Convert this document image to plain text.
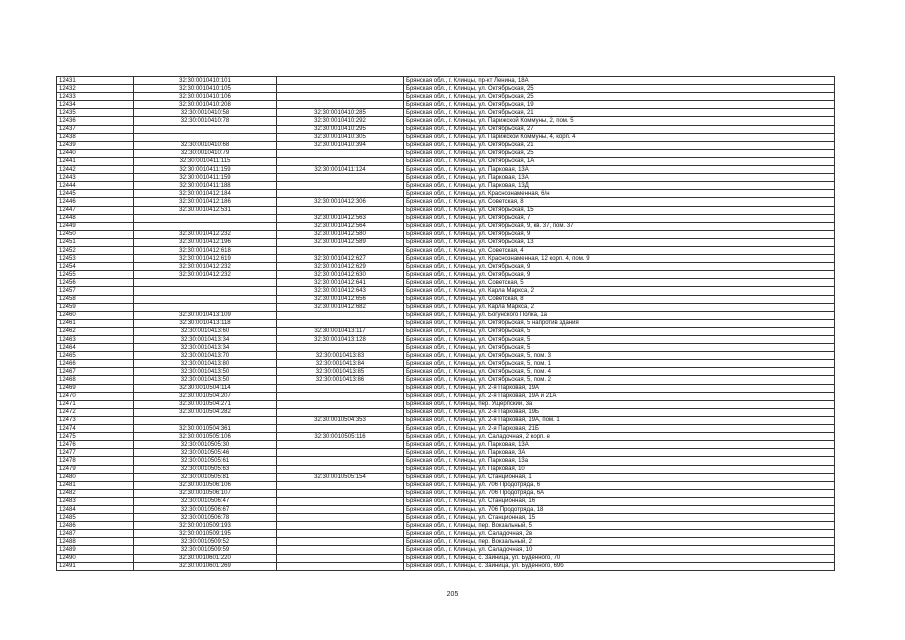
12431	32:30:0010410:101		Брянская обл., г. Клинцы, пр-кт Ленина, 18А
12432	32:30:0010410:105		Брянская обл., г. Клинцы, ул. Октябрьская, 25
12433	32:30:0010410:106		Брянская обл., г. Клинцы, ул. Октябрьская, 25
12434	32:30:0010410:208		Брянская обл., г. Клинцы, ул. Октябрьская, 19
12435	32:30:0010410:58	32:30:0010410:285	Брянская обл., г. Клинцы, ул. Октябрьская, 21
12436	32:30:0010410:78	32:30:0010410:292	Брянская обл., г. Клинцы, ул. Парижской Коммуны, 2, пом. 5
12437		32:30:0010410:295	Брянская обл., г. Клинцы, ул. Октябрьская, 27
12438		32:30:0010410:305	Брянская обл., г. Клинцы, ул. Парижской Коммуны, 4, корп. 4
12439	32:30:0010410:68	32:30:0010410:394	Брянская обл., г. Клинцы, ул. Октябрьская, 21
12440	32:30:0010410:79		Брянская обл., г. Клинцы, ул. Октябрьская, 25
12441	32:30:0010411:115		Брянская обл., г. Клинцы, ул. Октябрьская, 1А
12442	32:30:0010411:159	32:30:0010411:124	Брянская обл., г. Клинцы, ул. Парковая, 13А
12443	32:30:0010411:159		Брянская обл., г. Клинцы, ул. Парковая, 13А
12444	32:30:0010411:188		Брянская обл., г. Клинцы, ул. Парковая, 13Д
12445	32:30:0010412:184		Брянская обл., г. Клинцы, ул. Краснознаменная, 6/н
12446	32:30:0010412:186	32:30:0010412:306	Брянская обл., г. Клинцы, ул. Советская, 8
12447	32:30:0010412:531		Брянская обл., г. Клинцы, ул. Октябрьская, 15
12448		32:30:0010412:563	Брянская обл., г. Клинцы, ул. Октябрьская, 7
12449		32:30:0010412:564	Брянская обл., г. Клинцы, ул. Октябрьская, 9, кв. 37, пом. 37
12450	32:30:0010412:232	32:30:0010412:580	Брянская обл., г. Клинцы, ул. Октябрьская, 9
12451	32:30:0010412:196	32:30:0010412:589	Брянская обл., г. Клинцы, ул. Октябрьская, 13
12452	32:30:0010412:618		Брянская обл., г. Клинцы, ул. Советская, 4
12453	32:30:0010412:619	32:30:0010412:627	Брянская обл., г. Клинцы, ул. Краснознаменная, 12 корп. 4, пом. 9
12454	32:30:0010412:232	32:30:0010412:629	Брянская обл., г. Клинцы, ул. Октябрьская, 9
12455	32:30:0010412:232	32:30:0010412:630	Брянская обл., г. Клинцы, ул. Октябрьская, 9
12456		32:30:0010412:641	Брянская обл., г. Клинцы, ул. Советская, 5
12457		32:30:0010412:643	Брянская обл., г. Клинцы, ул. Карла Маркса, 2
12458		32:30:0010412:656	Брянская обл., г. Клинцы, ул. Советская, 8
12459		32:30:0010412:682	Брянская обл., г. Клинцы, ул. Карла Маркса, 2
12460	32:30:0010413:109		Брянская обл., г. Клинцы, ул. Богунского Полка, 1а
12461	32:30:0010413:118		Брянская обл., г. Клинцы, ул. Октябрьская, 5 напротив здания
12462	32:30:0010413:60	32:30:0010413:117	Брянская обл., г. Клинцы, ул. Октябрьская, 5
12463	32:30:0010413:34	32:30:0010413:128	Брянская обл., г. Клинцы, ул. Октябрьская, 5
12464	32:30:0010413:34		Брянская обл., г. Клинцы, ул. Октябрьская, 5
12465	32:30:0010413:70	32:30:0010413:83	Брянская обл., г. Клинцы, ул. Октябрьская, 5, пом. 3
12466	32:30:0010413:80	32:30:0010413:84	Брянская обл., г. Клинцы, ул. Октябрьская, 5, пом. 1
12467	32:30:0010413:50	32:30:0010413:85	Брянская обл., г. Клинцы, ул. Октябрьская, 5, пом. 4
12468	32:30:0010413:50	32:30:0010413:86	Брянская обл., г. Клинцы, ул. Октябрьская, 5, пом. 2
12469	32:30:0010504:114		Брянская обл., г. Клинцы, ул. 2-я Парковая, 19А
12470	32:30:0010504:207		Брянская обл., г. Клинцы, ул. 2-я Парковая, 19А и 21А
12471	32:30:0010504:271		Брянская обл., г. Клинцы, пер. Ущерпский, 3а
12472	32:30:0010504:282		Брянская обл., г. Клинцы, ул. 2-я Парковая, 19Б
12473		32:30:0010504:353	Брянская обл., г. Клинцы, ул. 2-я Парковая, 19А, пом. 1
12474	32:30:0010504:361		Брянская обл., г. Клинцы, ул. 2-я Парковая, 21Б
12475	32:30:0010505:106	32:30:0010505:116	Брянская обл., г. Клинцы, ул. Саладочная, 2 корп. е
12476	32:30:0010505:30		Брянская обл., г. Клинцы, ул. Парковая, 13А
12477	32:30:0010505:46		Брянская обл., г. Клинцы, ул. Парковая, 3А
12478	32:30:0010505:61		Брянская обл., г. Клинцы, ул. Парковая, 13а
12479	32:30:0010505:63		Брянская обл., г. Клинцы, ул. Парковая, 10
12480	32:30:0010505:81	32:30:0010505:154	Брянская обл., г. Клинцы, ул. Станционная, 1
12481	32:30:0010506:106		Брянская обл., г. Клинцы, ул. 706 Продотряда, 6
12482	32:30:0010506:107		Брянская обл., г. Клинцы, ул. 706 Продотряда, 6А
12483	32:30:0010506:47		Брянская обл., г. Клинцы, ул. Станционная, 16
12484	32:30:0010506:67		Брянская обл., г. Клинцы, ул. 706 Продотряда, 18
12485	32:30:0010506:78		Брянская обл., г. Клинцы, ул. Станционная, 15
12486	32:30:0010509:193		Брянская обл., г. Клинцы, пер. Вокзальный, 5
12487	32:30:0010509:195		Брянская обл., г. Клинцы, ул. Саладочная, 2в
12488	32:30:0010509:52		Брянская обл., г. Клинцы, пер. Вокзальный, 2
12489	32:30:0010509:59		Брянская обл., г. Клинцы, ул. Саладочная, 10
12490	32:30:0010601:220		Брянская обл., г. Клинцы, с. Зайница, ул. Буденного, 70
12491	32:30:0010601:269		Брянская обл., г. Клинцы, с. Зайница, ул. Буденного, 69б
205
